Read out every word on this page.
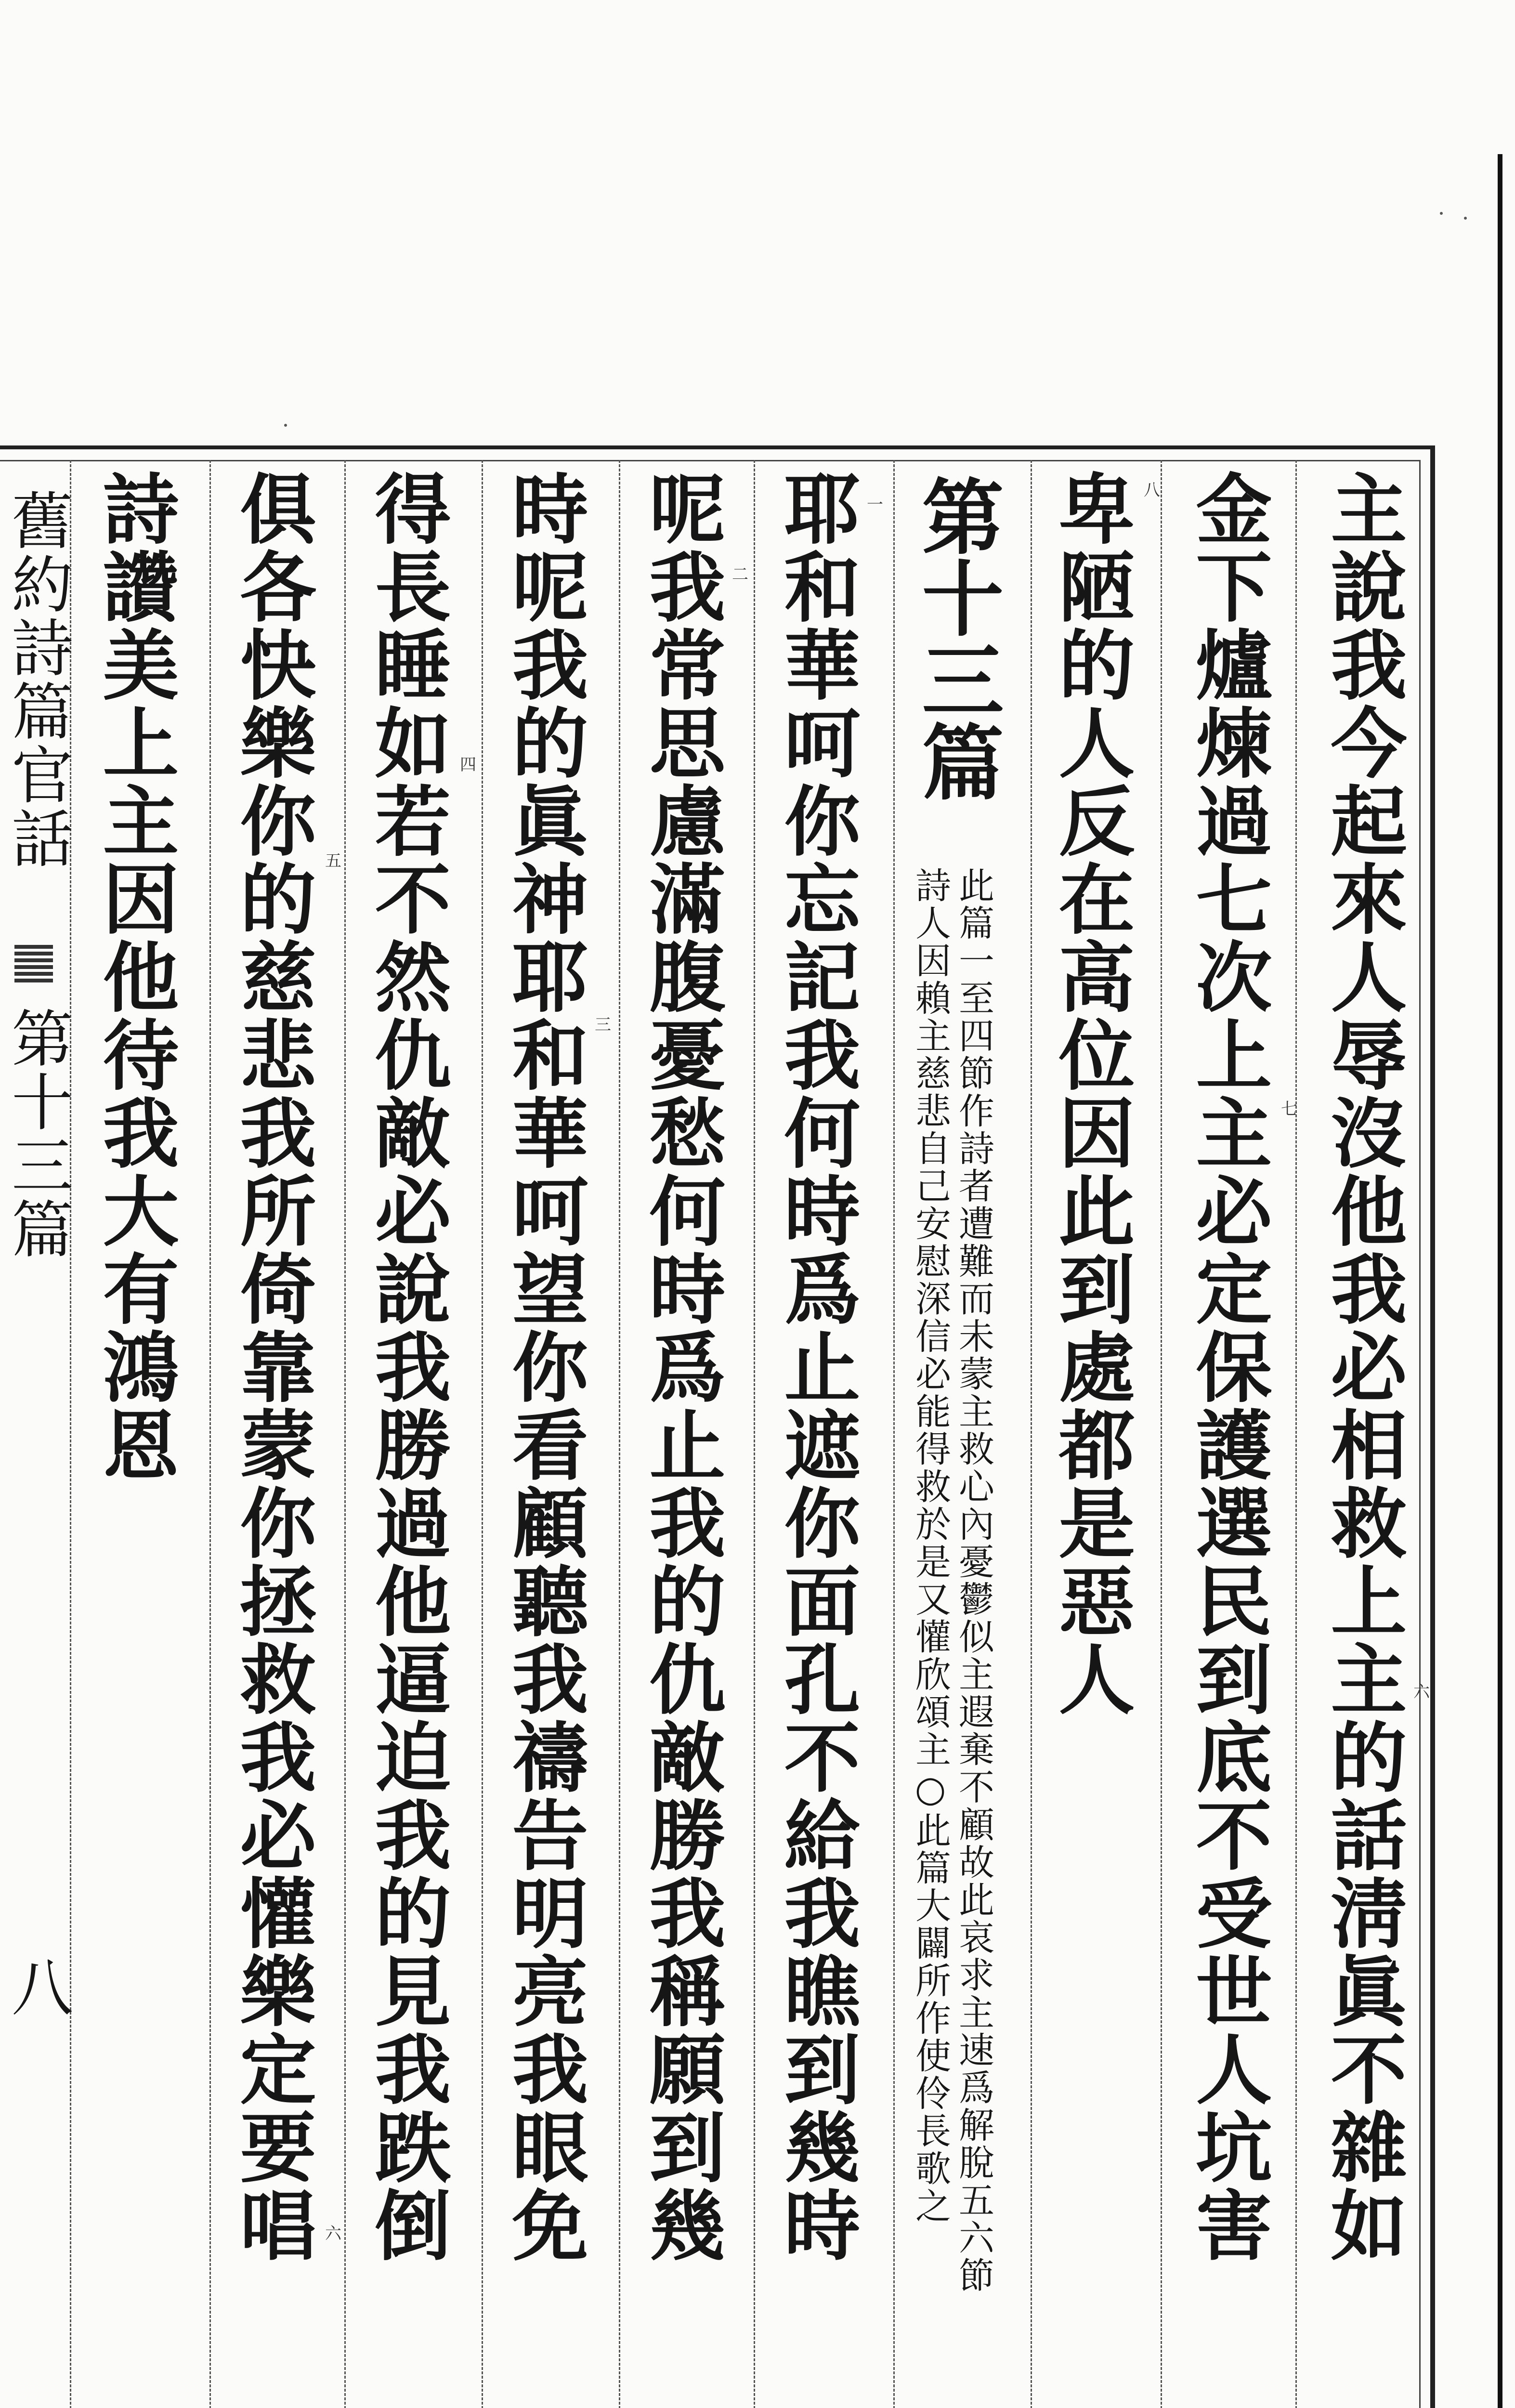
主說我今起來人辱沒他我必相救上主的話淸眞不雜如
金下爐煉過七次上主必定保護選民到底不受世人坑害
卑陋的人反在高位因此到處都是惡人
第十三篇
此篇一至四節作詩者遭難而未蒙主救心內憂鬱似主遐棄不顧故此哀求主速爲解脫五六節
詩人因賴主慈悲自己安慰深信必能得救於是又懽欣頌主○此篇大闢所作使伶長歌之
耶和華呵你忘記我何時爲止遮你面孔不給我瞧到幾時
呢我常思慮滿腹憂愁何時爲止我的仇敵勝我稱願到幾
時呢我的眞神耶和華呵望你看顧聽我禱告明亮我眼免
得長睡如若不然仇敵必說我勝過他逼迫我的見我跌倒
俱各快樂你的慈悲我所倚靠蒙你拯救我必懽樂定要唱
詩讚美上主因他待我大有鴻恩
六
七
八
一
二
三
四
五
六
舊約詩篇官話
第十三篇
八
